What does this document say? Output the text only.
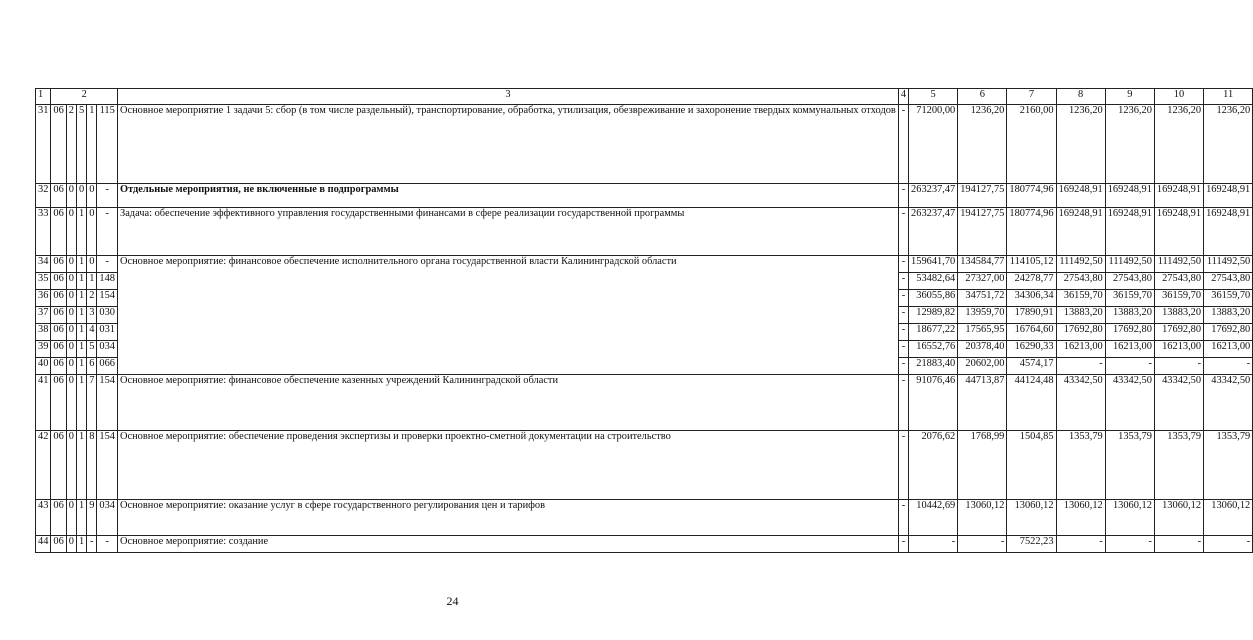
1	2					3	4	5	6	7	8	9	10	11
31	06	2	5	1	115	Основное мероприятие 1 задачи 5: сбор (в том числе раздельный), транспортирование, обработка, утилизация, обезвреживание и захоронение твердых коммунальных отходов	-	71200,00	1236,20	2160,00	1236,20	1236,20	1236,20	1236,20
32	06	0	0	0	-	Отдельные мероприятия, не включенные в подпрограммы	-	263237,47	194127,75	180774,96	169248,91	169248,91	169248,91	169248,91
33	06	0	1	0	-	Задача: обеспечение эффективного управления государственными финансами в сфере реализации государственной программы	-	263237,47	194127,75	180774,96	169248,91	169248,91	169248,91	169248,91
34	06	0	1	0	-	Основное мероприятие: финансовое обеспечение исполнительного органа государственной власти Калининградской области	-	159641,70	134584,77	114105,12	111492,50	111492,50	111492,50	111492,50
35	06	0	1	1	148		-	53482,64	27327,00	24278,77	27543,80	27543,80	27543,80	27543,80
36	06	0	1	2	154		-	36055,86	34751,72	34306,34	36159,70	36159,70	36159,70	36159,70
37	06	0	1	3	030		-	12989,82	13959,70	17890,91	13883,20	13883,20	13883,20	13883,20
38	06	0	1	4	031		-	18677,22	17565,95	16764,60	17692,80	17692,80	17692,80	17692,80
39	06	0	1	5	034		-	16552,76	20378,40	16290,33	16213,00	16213,00	16213,00	16213,00
40	06	0	1	6	066		-	21883,40	20602,00	4574,17	-	-	-	-
41	06	0	1	7	154	Основное мероприятие: финансовое обеспечение казенных учреждений Калининградской области	-	91076,46	44713,87	44124,48	43342,50	43342,50	43342,50	43342,50
42	06	0	1	8	154	Основное мероприятие: обеспечение проведения экспертизы и проверки проектно-сметной документации на строительство	-	2076,62	1768,99	1504,85	1353,79	1353,79	1353,79	1353,79
43	06	0	1	9	034	Основное мероприятие: оказание услуг в сфере государственного регулирования цен и тарифов	-	10442,69	13060,12	13060,12	13060,12	13060,12	13060,12	13060,12
44	06	0	1	-	-	Основное мероприятие: создание	-	-	-	7522,23	-	-	-	-
24
